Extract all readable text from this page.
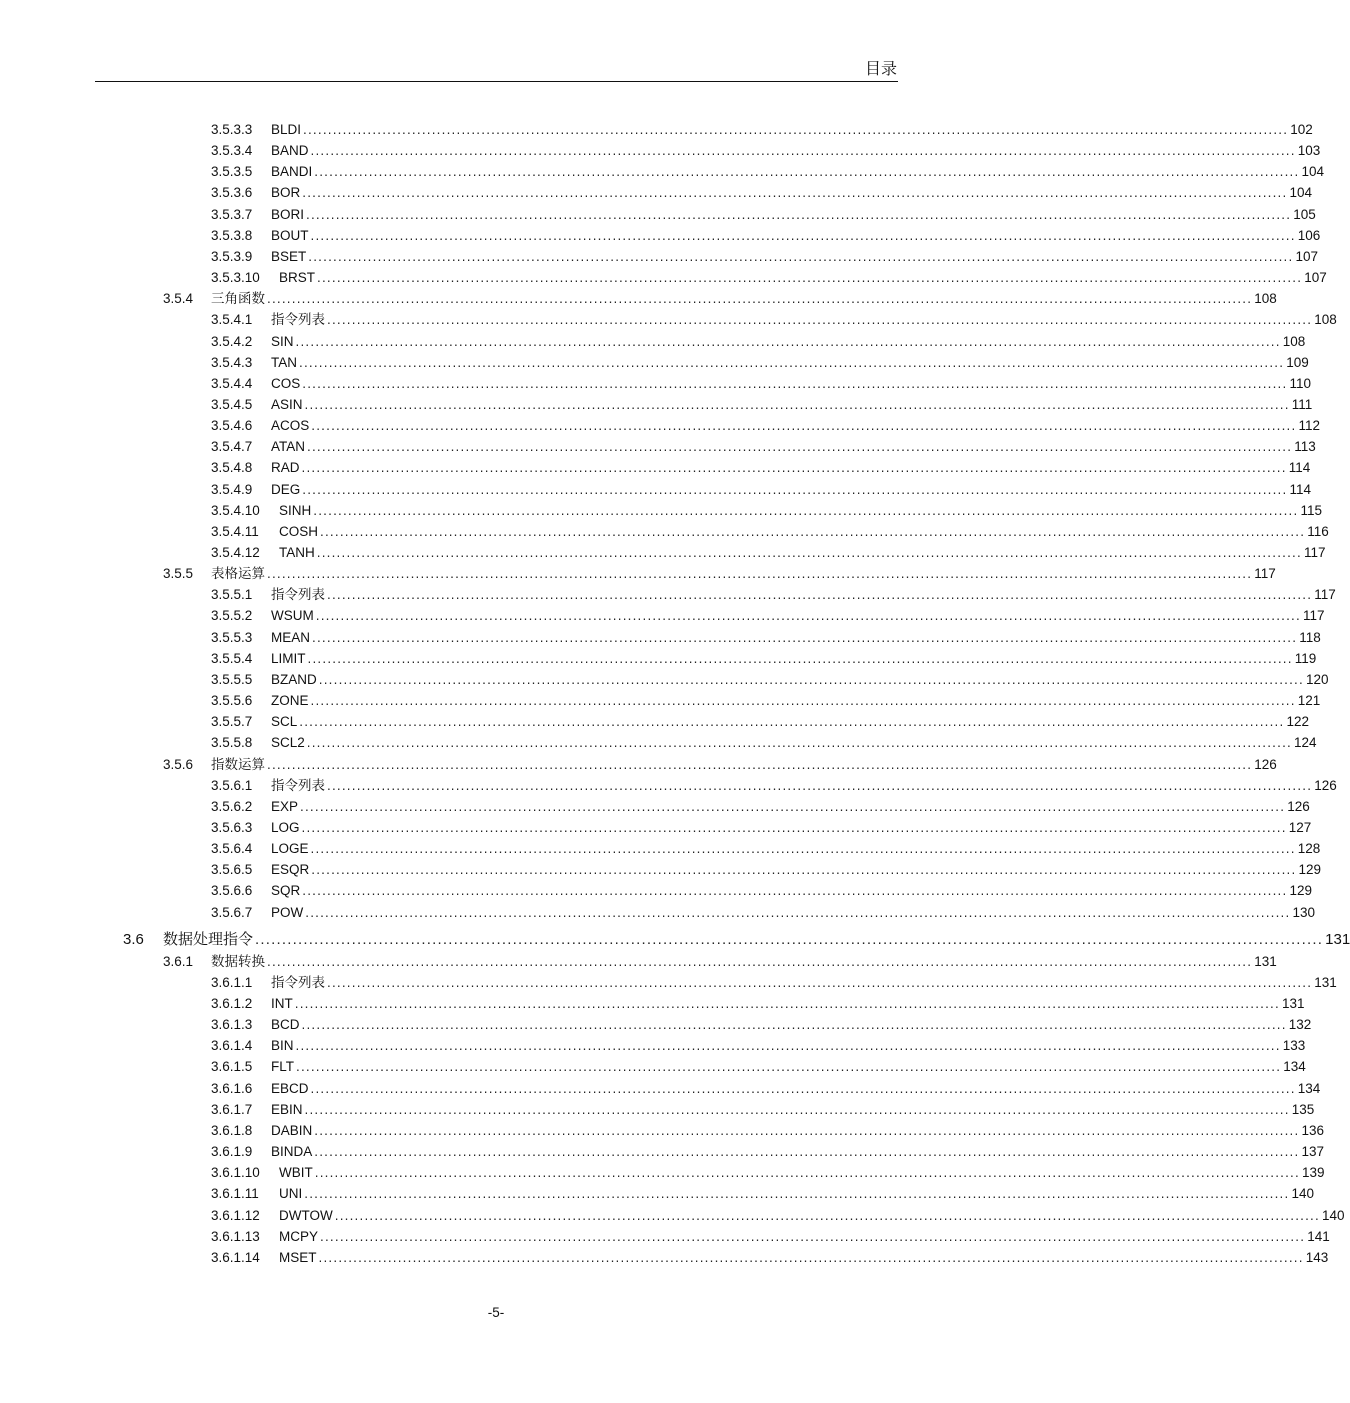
目录
3.5.3.3	BLDI ....................................................................................................................................................................................................... 102
3.5.3.4	BAND ....................................................................................................................................................................................................... 103
3.5.3.5	BANDI ....................................................................................................................................................................................................... 104
3.5.3.6	BOR ....................................................................................................................................................................................................... 104
3.5.3.7	BORI ....................................................................................................................................................................................................... 105
3.5.3.8	BOUT ....................................................................................................................................................................................................... 106
3.5.3.9	BSET ....................................................................................................................................................................................................... 107
3.5.3.10	BRST ....................................................................................................................................................................................................... 107
3.5.4	三角函数 ....................................................................................................................................................................................................... 108
3.5.4.1	指令列表 ....................................................................................................................................................................................................... 108
3.5.4.2	SIN ....................................................................................................................................................................................................... 108
3.5.4.3	TAN ....................................................................................................................................................................................................... 109
3.5.4.4	COS ....................................................................................................................................................................................................... 110
3.5.4.5	ASIN ....................................................................................................................................................................................................... 111
3.5.4.6	ACOS ....................................................................................................................................................................................................... 112
3.5.4.7	ATAN ....................................................................................................................................................................................................... 113
3.5.4.8	RAD ....................................................................................................................................................................................................... 114
3.5.4.9	DEG ....................................................................................................................................................................................................... 114
3.5.4.10	SINH ....................................................................................................................................................................................................... 115
3.5.4.11	COSH ....................................................................................................................................................................................................... 116
3.5.4.12	TANH ....................................................................................................................................................................................................... 117
3.5.5	表格运算 ....................................................................................................................................................................................................... 117
3.5.5.1	指令列表 ....................................................................................................................................................................................................... 117
3.5.5.2	WSUM ....................................................................................................................................................................................................... 117
3.5.5.3	MEAN ....................................................................................................................................................................................................... 118
3.5.5.4	LIMIT ....................................................................................................................................................................................................... 119
3.5.5.5	BZAND ....................................................................................................................................................................................................... 120
3.5.5.6	ZONE ....................................................................................................................................................................................................... 121
3.5.5.7	SCL ....................................................................................................................................................................................................... 122
3.5.5.8	SCL2 ....................................................................................................................................................................................................... 124
3.5.6	指数运算 ....................................................................................................................................................................................................... 126
3.5.6.1	指令列表 ....................................................................................................................................................................................................... 126
3.5.6.2	EXP ....................................................................................................................................................................................................... 126
3.5.6.3	LOG ....................................................................................................................................................................................................... 127
3.5.6.4	LOGE ....................................................................................................................................................................................................... 128
3.5.6.5	ESQR ....................................................................................................................................................................................................... 129
3.5.6.6	SQR ....................................................................................................................................................................................................... 129
3.5.6.7	POW ....................................................................................................................................................................................................... 130
3.6	数据处理指令 ....................................................................................................................................................................................................... 131
3.6.1	数据转换 ....................................................................................................................................................................................................... 131
3.6.1.1	指令列表 ....................................................................................................................................................................................................... 131
3.6.1.2	INT ....................................................................................................................................................................................................... 131
3.6.1.3	BCD ....................................................................................................................................................................................................... 132
3.6.1.4	BIN ....................................................................................................................................................................................................... 133
3.6.1.5	FLT ....................................................................................................................................................................................................... 134
3.6.1.6	EBCD ....................................................................................................................................................................................................... 134
3.6.1.7	EBIN ....................................................................................................................................................................................................... 135
3.6.1.8	DABIN ....................................................................................................................................................................................................... 136
3.6.1.9	BINDA ....................................................................................................................................................................................................... 137
3.6.1.10	WBIT ....................................................................................................................................................................................................... 139
3.6.1.11	UNI ....................................................................................................................................................................................................... 140
3.6.1.12	DWTOW ....................................................................................................................................................................................................... 140
3.6.1.13	MCPY ....................................................................................................................................................................................................... 141
3.6.1.14	MSET ....................................................................................................................................................................................................... 143
-5-
